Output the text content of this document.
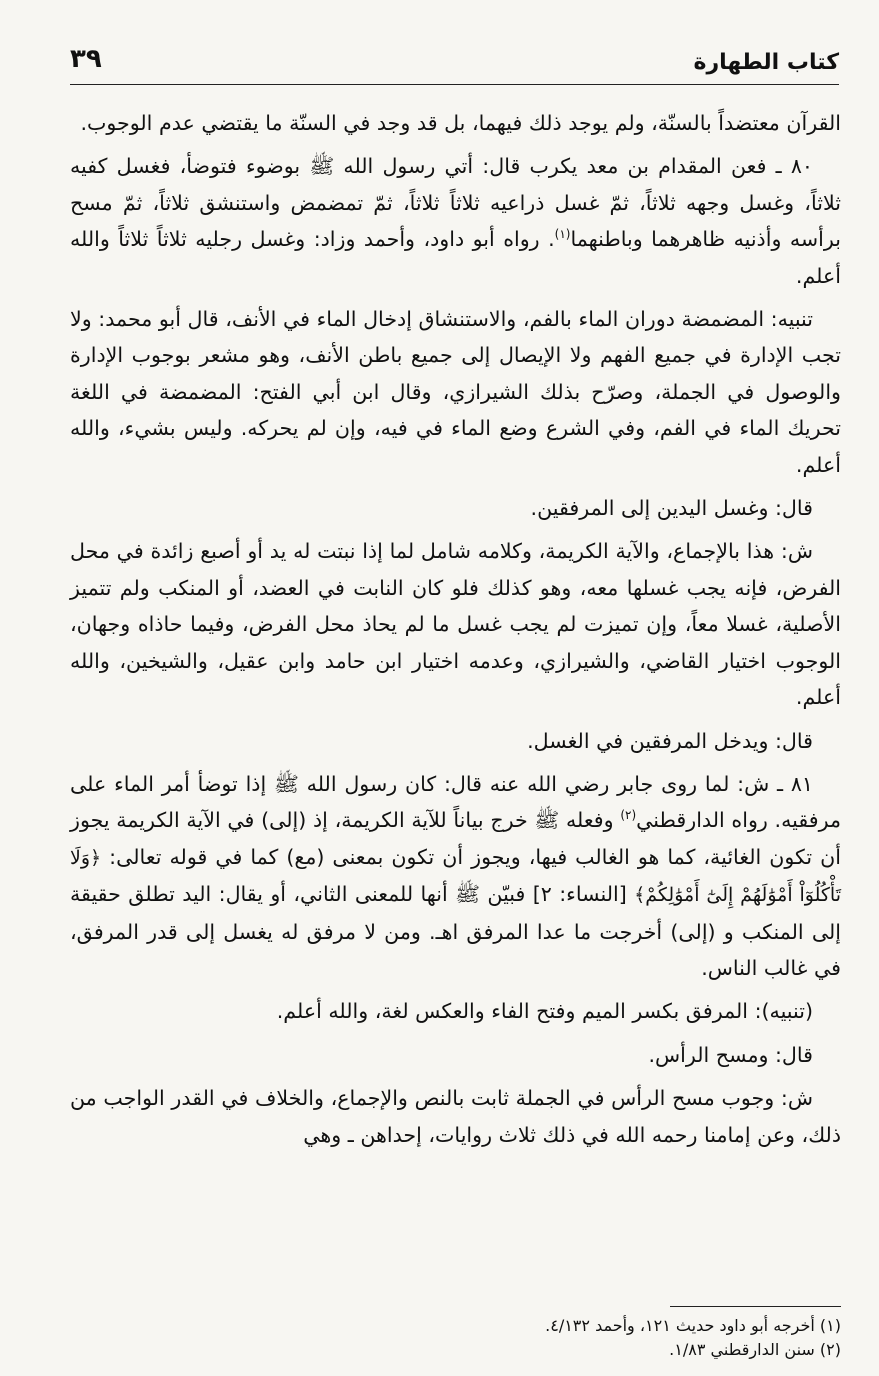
كتاب الطهارة
٣٩

القرآن معتضداً بالسنّة، ولم يوجد ذلك فيهما، بل قد وجد في السنّة ما يقتضي عدم الوجوب.

٨٠ ـ فعن المقدام بن معد يكرب قال: أتي رسول الله ﷺ بوضوء فتوضأ، فغسل كفيه ثلاثاً، وغسل وجهه ثلاثاً، ثمّ غسل ذراعيه ثلاثاً ثلاثاً، ثمّ تمضمض واستنشق ثلاثاً، ثمّ مسح برأسه وأذنيه ظاهرهما وباطنهما$^{(١)}$. رواه أبو داود، وأحمد وزاد: وغسل رجليه ثلاثاً ثلاثاً والله أعلم.

تنبيه: المضمضة دوران الماء بالفم، والاستنشاق إدخال الماء في الأنف، قال أبو محمد: ولا تجب الإدارة في جميع الفهم ولا الإيصال إلى جميع باطن الأنف، وهو مشعر بوجوب الإدارة والوصول في الجملة، وصرّح بذلك الشيرازي، وقال ابن أبي الفتح: المضمضة في اللغة تحريك الماء في الفم، وفي الشرع وضع الماء في فيه، وإن لم يحركه. وليس بشيء، والله أعلم.

قال: وغسل اليدين إلى المرفقين.

ش: هذا بالإجماع، والآية الكريمة، وكلامه شامل لما إذا نبتت له يد أو أصبع زائدة في محل الفرض، فإنه يجب غسلها معه، وهو كذلك فلو كان النابت في العضد، أو المنكب ولم تتميز الأصلية، غسلا معاً، وإن تميزت لم يجب غسل ما لم يحاذ محل الفرض، وفيما حاذاه وجهان، الوجوب اختيار القاضي، والشيرازي، وعدمه اختيار ابن حامد وابن عقيل، والشيخين، والله أعلم.

قال: ويدخل المرفقين في الغسل.

٨١ ـ ش: لما روى جابر رضي الله عنه قال: كان رسول الله ﷺ إذا توضأ أمر الماء على مرفقيه. رواه الدارقطني$^{(٢)}$ وفعله ﷺ خرج بياناً للآية الكريمة، إذ (إلى) في الآية الكريمة يجوز أن تكون الغائية، كما هو الغالب فيها، ويجوز أن تكون بمعنى (مع) كما في قوله تعالى: ﴿وَلَا تَأْكُلُوٓاْ أَمْوَٰلَهُمْ إِلَىٰٓ أَمْوَٰلِكُمْ﴾ [النساء: ٢] فبيّن ﷺ أنها للمعنى الثاني، أو يقال: اليد تطلق حقيقة إلى المنكب و (إلى) أخرجت ما عدا المرفق اهـ. ومن لا مرفق له يغسل إلى قدر المرفق، في غالب الناس.

(تنبيه): المرفق بكسر الميم وفتح الفاء والعكس لغة، والله أعلم.

قال: ومسح الرأس.

ش: وجوب مسح الرأس في الجملة ثابت بالنص والإجماع، والخلاف في القدر الواجب من ذلك، وعن إمامنا رحمه الله في ذلك ثلاث روايات، إحداهن ـ وهي

(١) أخرجه أبو داود حديث ١٢١، وأحمد ٤/١٣٢.
(٢) سنن الدارقطني ١/٨٣.
